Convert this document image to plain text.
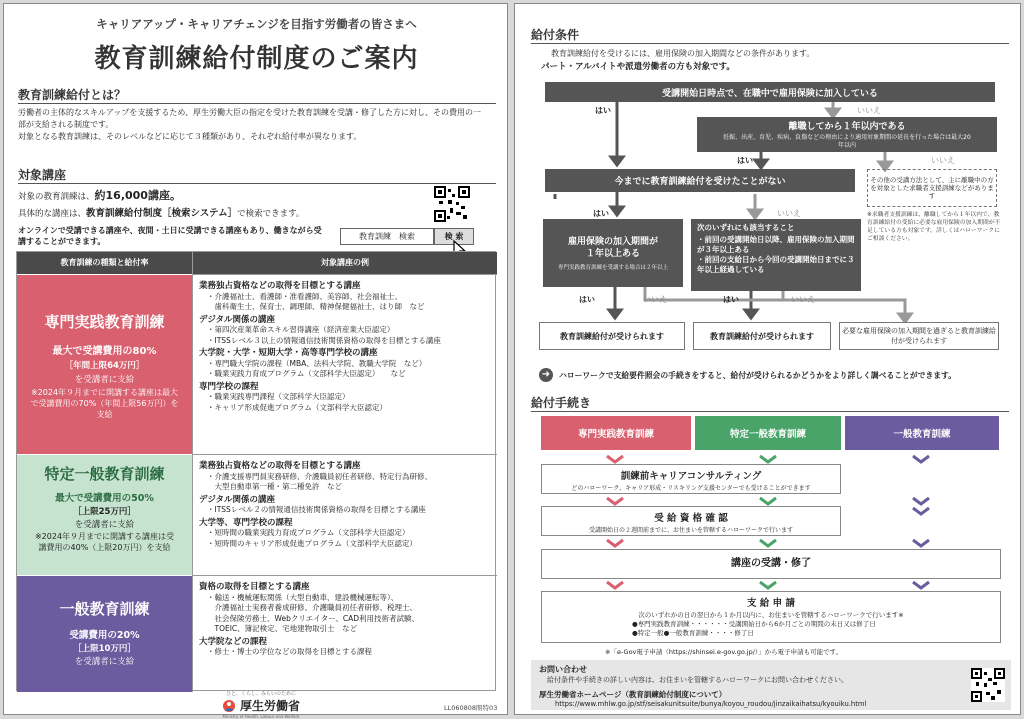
キャリアアップ・キャリアチェンジを目指す労働者の皆さまへ
教育訓練給付制度のご案内
教育訓練給付とは？
労働者の主体的なスキルアップを支援するため、厚生労働大臣の指定を受けた教育訓練を受講・修了した方に対し、その費用の一部が支給される制度です。
対象となる教育訓練は、そのレベルなどに応じて３種類があり、それぞれ給付率が異なります。
対象講座
対象の教育訓練は、約16,000講座。
具体的な講座は、教育訓練給付制度［検索システム］で検索できます。
オンラインで受講できる講座や、夜間・土日に受講できる講座もあり、働きながら受講することができます。
教育訓練　検索	検 索
教育訓練の種類と給付率	対象講座の例
専門実践教育訓練
最大で受講費用の80%
［年間上限64万円］
を受講者に支給
※2024年９月までに開講する講座は最大で受講費用の70%（年間上限56万円）を支給
業務独占資格などの取得を目標とする講座
・介護福祉士、看護師・准看護師、美容師、社会福祉士、
　歯科衛生士、保育士、調理師、精神保健福祉士、はり師　など
デジタル関係の講座
・第四次産業革命スキル習得講座（経済産業大臣認定）
・ITSSレベル３以上の情報通信技術関係資格の取得を目標とする講座
大学院・大学・短期大学・高等専門学校の講座
・専門職大学院の課程（MBA、法科大学院、教職大学院　など）
・職業実践力育成プログラム（文部科学大臣認定）　　など
専門学校の課程
・職業実践専門課程（文部科学大臣認定）
・キャリア形成促進プログラム（文部科学大臣認定）
特定一般教育訓練
最大で受講費用の50%
［上限25万円］
を受講者に支給
※2024年９月までに開講する講座は受講費用の40%（上限20万円）を支給
業務独占資格などの取得を目標とする講座
・介護支援専門員実務研修、介護職員初任者研修、特定行為研修、
　大型自動車第一種・第二種免許　など
デジタル関係の講座
・ITSSレベル２の情報通信技術関係資格の取得を目標とする講座
大学等、専門学校の課程
・短時間の職業実践力育成プログラム（文部科学大臣認定）
・短時間のキャリア形成促進プログラム（文部科学大臣認定）
一般教育訓練
受講費用の20%
［上限10万円］
を受講者に支給
資格の取得を目標とする講座
・輸送・機械運転関係（大型自動車、建設機械運転等）、
　介護福祉士実務者養成研修、介護職員初任者研修、税理士、
　社会保険労務士、Webクリエイター、CAD利用技術者試験、
　TOEIC、簿記検定、宅地建物取引士　など
大学院などの課程
・修士・博士の学位などの取得を目標とする課程
ひと、くらし、みらいのために
厚生労働省
Ministry of Health, Labour and Welfare
LL060808開特03
給付条件
教育訓練給付を受けるには、雇用保険の加入期間などの条件があります。
パート・アルバイトや派遣労働者の方も対象です。
受講開始日時点で、在職中で雇用保険に加入している
はい	いいえ
離職してから１年以内である
妊娠、出産、育児、疾病、負傷などの理由により適用対象期間の延長を行った場合は最大20年以内
はい	いいえ
今までに教育訓練給付を受けたことがない	その他の受講方法として、主に離職中の方を対象とした求職者支援訓練などがあります
※求職者支援訓練は、離職してから１年以内で、教育訓練給付の受給に必要な雇用保険の加入期間が不足している方も対象です。詳しくはハローワークにご相談ください。
はい	いいえ
雇用保険の加入期間が１年以上ある
専門実践教育訓練を受講する場合は２年以上
次のいずれにも該当すること
・前回の受講開始日以降、雇用保険の加入期間が３年以上ある
・前回の支給日から今回の受講開始日までに３年以上経過している
はい	いいえ	はい	いいえ
教育訓練給付が受けられます	教育訓練給付が受けられます
必要な雇用保険の加入期間を過ぎると教育訓練給付が受けられます
➜	ハローワークで支給要件照会の手続きをすると、給付が受けられるかどうかをより詳しく調べることができます。
給付手続き
専門実践教育訓練	特定一般教育訓練	一般教育訓練
訓練前キャリアコンサルティング
どのハローワーク、キャリア形成・リスキリング支援センターでも受けることができます
受 給 資 格 確 認
受講開始日の２週間前までに、お住まいを管轄するハローワークで行います
講座の受講・修了
支 給 申 請
次のいずれかの日の翌日から１か月以内に、お住まいを管轄するハローワークで行います※
●専門実践教育訓練・・・・・・受講開始日から6か月ごとの期間の末日又は修了日
●特定一般●一般教育訓練・・・・修了日
※「e-Gov電子申請（https://shinsei.e-gov.go.jp/）」から電子申請も可能です。
お問い合わせ
給付条件や手続きの詳しい内容は、お住まいを管轄するハローワークにお問い合わせください。
厚生労働省ホームページ（教育訓練給付制度について）
https://www.mhlw.go.jp/stf/seisakunitsuite/bunya/koyou_roudou/jinzaikaihatsu/kyouiku.html
